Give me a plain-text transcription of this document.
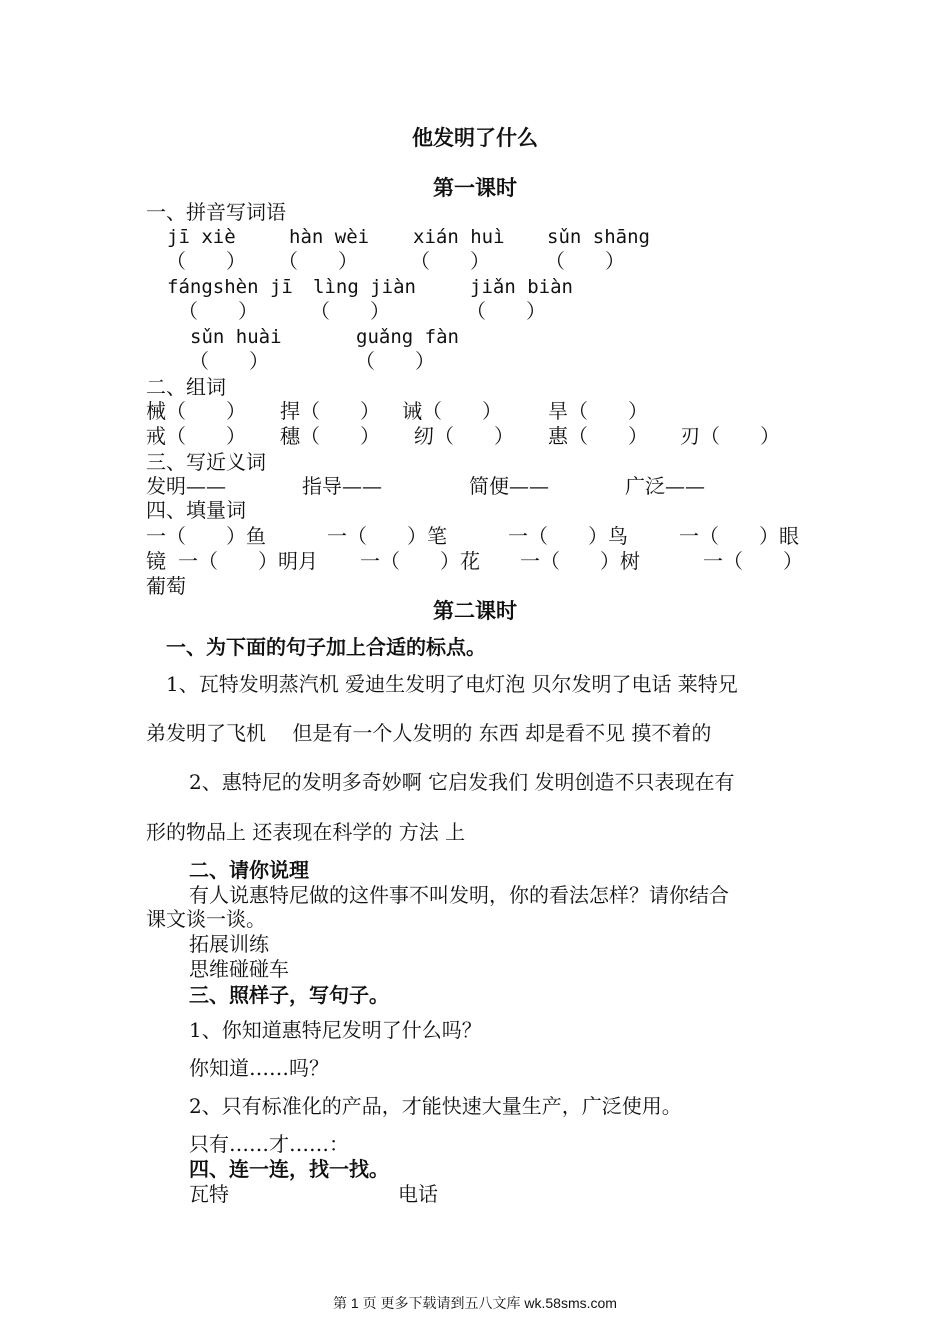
他发明了什么
第一课时
一、拼音写词语
jī xiè	hàn wèi xián huì sǔn shāng
（　　） （　　）	（　　）	（　　）
fángshèn jī lìng jiàn	jiǎn biàn
（　　）	（　　）	（　　）
sǔn huài	guǎng fàn
（　　）	（　　）
二、组词
械（　　） 捍（　　） 诫（　　） 旱（　　）
戒（　　） 穗（　　） 纫（　　） 惠（　　） 刃（　　）
三、写近义词
发明——	指导——	简便——	广泛——
四、填量词
一（　　）鱼	一（　　）笔	一（　　）鸟	一（　　）眼
镜 一（　　）明月 一（　　）花 一（　　）树	一（　　）
葡萄
第二课时
一、为下面的句子加上合适的标点。
1、瓦特发明蒸汽机 爱迪生发明了电灯泡 贝尔发明了电话 莱特兄
弟发明了飞机　 但是有一个人发明的 东西 却是看不见 摸不着的
2、惠特尼的发明多奇妙啊 它启发我们 发明创造不只表现在有
形的物品上 还表现在科学的 方法 上
二、请你说理
有人说惠特尼做的这件事不叫发明，你的看法怎样？请你结合
课文谈一谈。
拓展训练
思维碰碰车
三、照样子，写句子。
1、你知道惠特尼发明了什么吗？
你知道……吗？
2、只有标准化的产品，才能快速大量生产，广泛使用。
只有……才……：
四、连一连，找一找。
瓦特	电话
第 1 页 更多下载请到五八文库 wk.58sms.com
